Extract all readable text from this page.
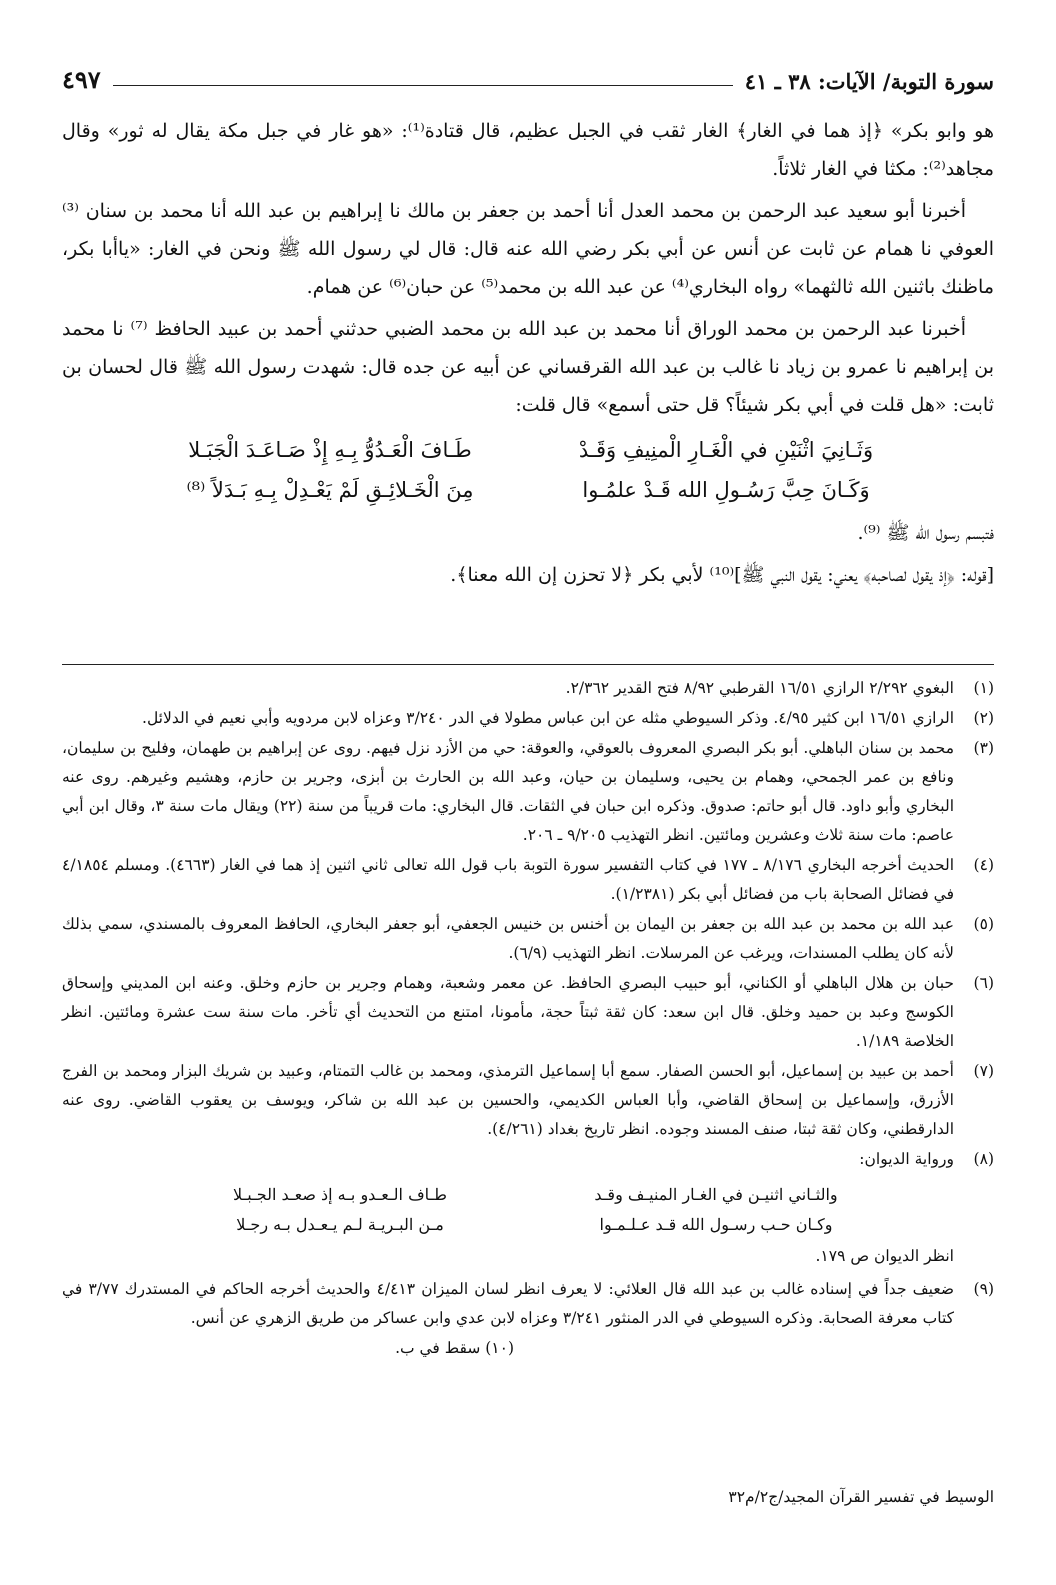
سورة التوبة/ الآيات: ٣٨ ـ ٤١
٤٩٧

هو وابو بكر» ﴿إذ هما في الغار﴾ الغار ثقب في الجبل عظيم، قال قتادة⁽¹⁾: «هو غار في جبل مكة يقال له ثور» وقال مجاهد⁽²⁾: مكثا في الغار ثلاثاً.

أخبرنا أبو سعيد عبد الرحمن بن محمد العدل أنا أحمد بن جعفر بن مالك نا إبراهيم بن عبد الله أنا محمد بن سنان ⁽³⁾ العوفي نا همام عن ثابت عن أنس عن أبي بكر رضي الله عنه قال: قال لي رسول الله ﷺ ونحن في الغار: «ياأبا بكر، ماظنك باثنين الله ثالثهما» رواه البخاري⁽⁴⁾ عن عبد الله بن محمد⁽⁵⁾ عن حبان⁽⁶⁾ عن همام.

أخبرنا عبد الرحمن بن محمد الوراق أنا محمد بن عبد الله بن محمد الضبي حدثني أحمد بن عبيد الحافظ ⁽⁷⁾ نا محمد بن إبراهيم نا عمرو بن زياد نا غالب بن عبد الله القرقساني عن أبيه عن جده قال: شهدت رسول الله ﷺ قال لحسان بن ثابت: «هل قلت في أبي بكر شيئاً؟ قل حتى أسمع» قال قلت:

وَثَـانِيَ اثْنَيْنِ في الْغَـارِ الْمنِيفِ وَقَـدْ
طَـافَ الْعَـدُوُّ بِـهِ إِذْ صَـاعَـدَ الْجَبَـلا
وَكَـانَ حِبَّ رَسُـولِ الله قَـدْ علمُـوا
مِنَ الْخَـلائِـقِ لَمْ يَعْـدِلْ بِـهِ بَـدَلاً ⁽⁸⁾

فتبسم رسول الله ﷺ ⁽⁹⁾.

[قوله: ﴿إذ يقول لصاحبه﴾ يعني: يقول النبي ﷺ]⁽¹⁰⁾ لأبي بكر ﴿لا تحزن إن الله معنا﴾.

(١)
البغوي ٢/٢٩٢ الرازي ١٦/٥١ القرطبي ٨/٩٢ فتح القدير ٢/٣٦٢.
(٢)
الرازي ١٦/٥١ ابن كثير ٤/٩٥. وذكر السيوطي مثله عن ابن عباس مطولا في الدر ٣/٢٤٠ وعزاه لابن مردويه وأبي نعيم في الدلائل.
(٣)
محمد بن سنان الباهلي. أبو بكر البصري المعروف بالعوقي، والعوقة: حي من الأزد نزل فيهم. روى عن إبراهيم بن طهمان، وفليح بن سليمان، ونافع بن عمر الجمحي، وهمام بن يحيى، وسليمان بن حيان، وعبد الله بن الحارث بن أبزى، وجرير بن حازم، وهشيم وغيرهم. روى عنه البخاري وأبو داود. قال أبو حاتم: صدوق. وذكره ابن حبان في الثقات. قال البخاري: مات قريباً من سنة (٢٢) ويقال مات سنة ٣، وقال ابن أبي عاصم: مات سنة ثلاث وعشرين ومائتين. انظر التهذيب ٩/٢٠٥ ـ ٢٠٦.
(٤)
الحديث أخرجه البخاري ٨/١٧٦ ـ ١٧٧ في كتاب التفسير سورة التوبة باب قول الله تعالى ثاني اثنين إذ هما في الغار (٤٦٦٣). ومسلم ٤/١٨٥٤ في فضائل الصحابة باب من فضائل أبي بكر (١/٢٣٨١).
(٥)
عبد الله بن محمد بن عبد الله بن جعفر بن اليمان بن أخنس بن خنيس الجعفي، أبو جعفر البخاري، الحافظ المعروف بالمسندي، سمي بذلك لأنه كان يطلب المسندات، ويرغب عن المرسلات. انظر التهذيب (٦/٩).
(٦)
حبان بن هلال الباهلي أو الكناني، أبو حبيب البصري الحافظ. عن معمر وشعبة، وهمام وجرير بن حازم وخلق. وعنه ابن المديني وإسحاق الكوسج وعبد بن حميد وخلق. قال ابن سعد: كان ثقة ثبتاً حجة، مأمونا، امتنع من التحديث أي تأخر. مات سنة ست عشرة ومائتين. انظر الخلاصة ١/١٨٩.
(٧)
أحمد بن عبيد بن إسماعيل، أبو الحسن الصفار. سمع أبا إسماعيل الترمذي، ومحمد بن غالب التمتام، وعبيد بن شريك البزار ومحمد بن الفرج الأزرق، وإسماعيل بن إسحاق القاضي، وأبا العباس الكديمي، والحسين بن عبد الله بن شاكر، ويوسف بن يعقوب القاضي. روى عنه الدارقطني، وكان ثقة ثبتا، صنف المسند وجوده. انظر تاريخ بغداد (٤/٢٦١).
(٨)
ورواية الديوان:
والثـاني اثنيـن في الغـار المنيـف وقـد
طـاف الـعـدو بـه إذ صعـد الجـبـلا
وكـان حـب رسـول الله قـد عـلـمـوا
مـن البـريـة لـم يـعـدل بـه رجـلا
انظر الديوان ص ١٧٩.
(٩)
ضعيف جداً في إسناده غالب بن عبد الله قال العلائي: لا يعرف انظر لسان الميزان ٤/٤١٣ والحديث أخرجه الحاكم في المستدرك ٣/٧٧ في كتاب معرفة الصحابة. وذكره السيوطي في الدر المنثور ٣/٢٤١ وعزاه لابن عدي وابن عساكر من طريق الزهري عن أنس.
(١٠) سقط في ب.
الوسيط في تفسير القرآن المجيد/ج٢/م٣٢
